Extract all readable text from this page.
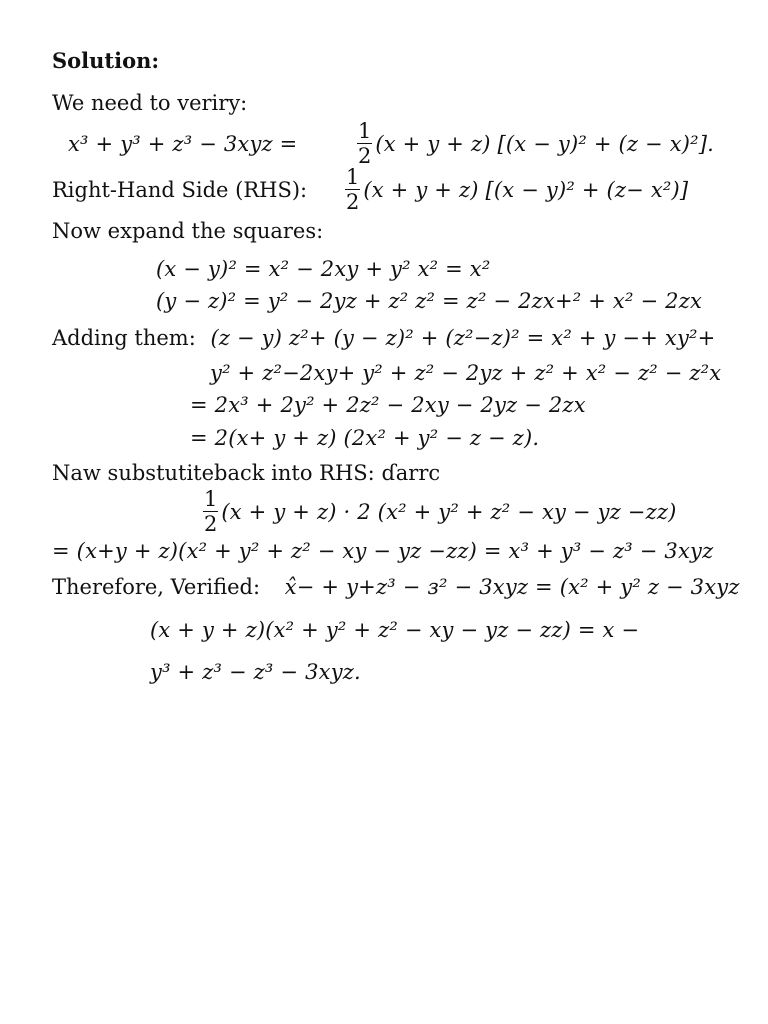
Solution:
We need to veriry:
x³ + y³ + z³ − 3xyz =	$\frac{1}{2} (x + y + z) [(x - y)^2 + (z - x)^2]$.
Right-Hand Side (RHS):	$\frac{1}{2} (x + y + z) [(x - y)^2 + (z- x^2)]$
Now expand the squares:
(x − y)² = x² − 2xy + y² x² = x²
(y − z)² = y² − 2yz + z² z² = z² − 2zx+² + x² − 2zx
Adding them: (z − y) z²+ (y − z)² + (z²−z)² = x² + y −+ xy²+
y² + z²−2xy+ y² + z² − 2yz + z² + x² − z² − z²x
= 2x³ + 2y² + 2z² − 2xy − 2yz − 2zx
= 2(x+ y + z) (2x² + y² − z − z).
Naw substutiteback into RHS: ɗarrc
$\frac{1}{2} (x + y + z) \cdot 2$ (x² + y² + z² − xy − yz −zz)
= (x+y + z)(x² + y² + z² − xy − yz −zz) = x³ + y³ − z³ − 3xyz
Therefore, Verified: x̂− + y+z³ − з² − 3xyz = (x² + y² z − 3xyz
(x + y + z)(x² + y² + z² − xy − yz − zz) = x −
y³ + z³ − z³ − 3xyz.
